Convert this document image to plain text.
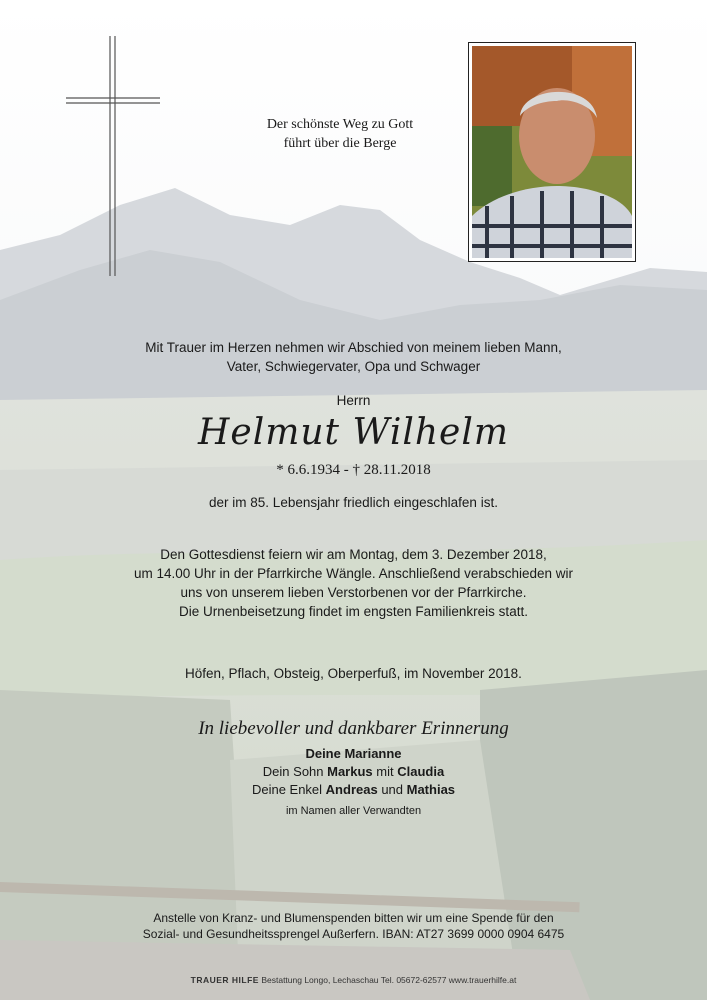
Der schönste Weg zu Gott
führt über die Berge
Mit Trauer im Herzen nehmen wir Abschied von meinem lieben Mann,
Vater, Schwiegervater, Opa und Schwager
Herrn
Helmut Wilhelm
* 6.6.1934 - † 28.11.2018
der im 85. Lebensjahr friedlich eingeschlafen ist.
Den Gottesdienst feiern wir am Montag, dem 3. Dezember 2018,
um 14.00 Uhr in der Pfarrkirche Wängle. Anschließend verabschieden wir
uns von unserem lieben Verstorbenen vor der Pfarrkirche.
Die Urnenbeisetzung findet im engsten Familienkreis statt.
Höfen, Pflach, Obsteig, Oberperfuß, im November 2018.
In liebevoller und dankbarer Erinnerung
Deine Marianne
Dein Sohn Markus mit Claudia
Deine Enkel Andreas und Mathias
im Namen aller Verwandten
Anstelle von Kranz- und Blumenspenden bitten wir um eine Spende für den
Sozial- und Gesundheitssprengel Außerfern. IBAN: AT27 3699 0000 0904 6475
TRAUER HILFE Bestattung Longo, Lechaschau Tel. 05672-62577 www.trauerhilfe.at
